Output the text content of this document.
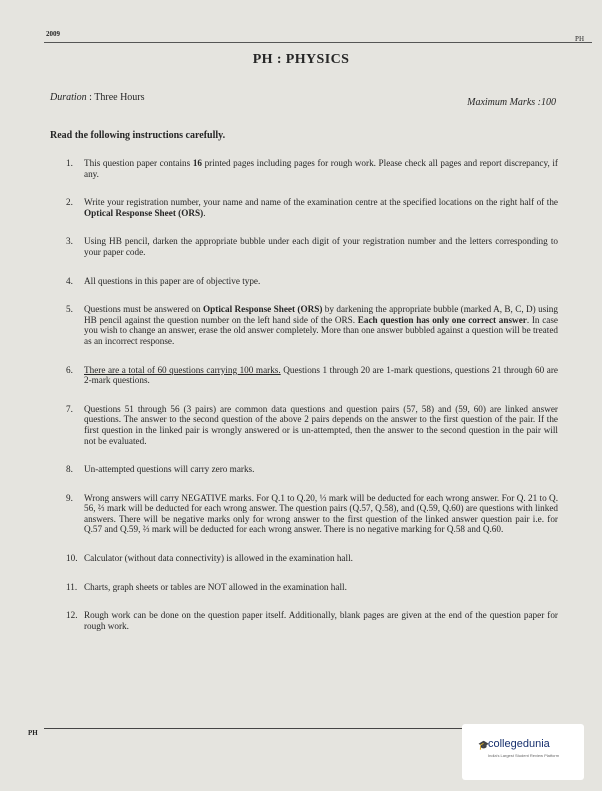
2009
PH
PH : PHYSICS
Duration : Three Hours	Maximum Marks :100
Read the following instructions carefully.
1. This question paper contains 16 printed pages including pages for rough work. Please check all pages and report discrepancy, if any.
2. Write your registration number, your name and name of the examination centre at the specified locations on the right half of the Optical Response Sheet (ORS).
3. Using HB pencil, darken the appropriate bubble under each digit of your registration number and the letters corresponding to your paper code.
4. All questions in this paper are of objective type.
5. Questions must be answered on Optical Response Sheet (ORS) by darkening the appropriate bubble (marked A, B, C, D) using HB pencil against the question number on the left hand side of the ORS. Each question has only one correct answer. In case you wish to change an answer, erase the old answer completely. More than one answer bubbled against a question will be treated as an incorrect response.
6. There are a total of 60 questions carrying 100 marks. Questions 1 through 20 are 1-mark questions, questions 21 through 60 are 2-mark questions.
7. Questions 51 through 56 (3 pairs) are common data questions and question pairs (57, 58) and (59, 60) are linked answer questions. The answer to the second question of the above 2 pairs depends on the answer to the first question of the pair. If the first question in the linked pair is wrongly answered or is un-attempted, then the answer to the second question in the pair will not be evaluated.
8. Un-attempted questions will carry zero marks.
9. Wrong answers will carry NEGATIVE marks. For Q.1 to Q.20, ⅓ mark will be deducted for each wrong answer. For Q. 21 to Q. 56, ⅔ mark will be deducted for each wrong answer. The question pairs (Q.57, Q.58), and (Q.59, Q.60) are questions with linked answers. There will be negative marks only for wrong answer to the first question of the linked answer question pair i.e. for Q.57 and Q.59, ⅔ mark will be deducted for each wrong answer. There is no negative marking for Q.58 and Q.60.
10. Calculator (without data connectivity) is allowed in the examination hall.
11. Charts, graph sheets or tables are NOT allowed in the examination hall.
12. Rough work can be done on the question paper itself. Additionally, blank pages are given at the end of the question paper for rough work.
PH
🎓
collegedunia
India's Largest Student Review Platform
